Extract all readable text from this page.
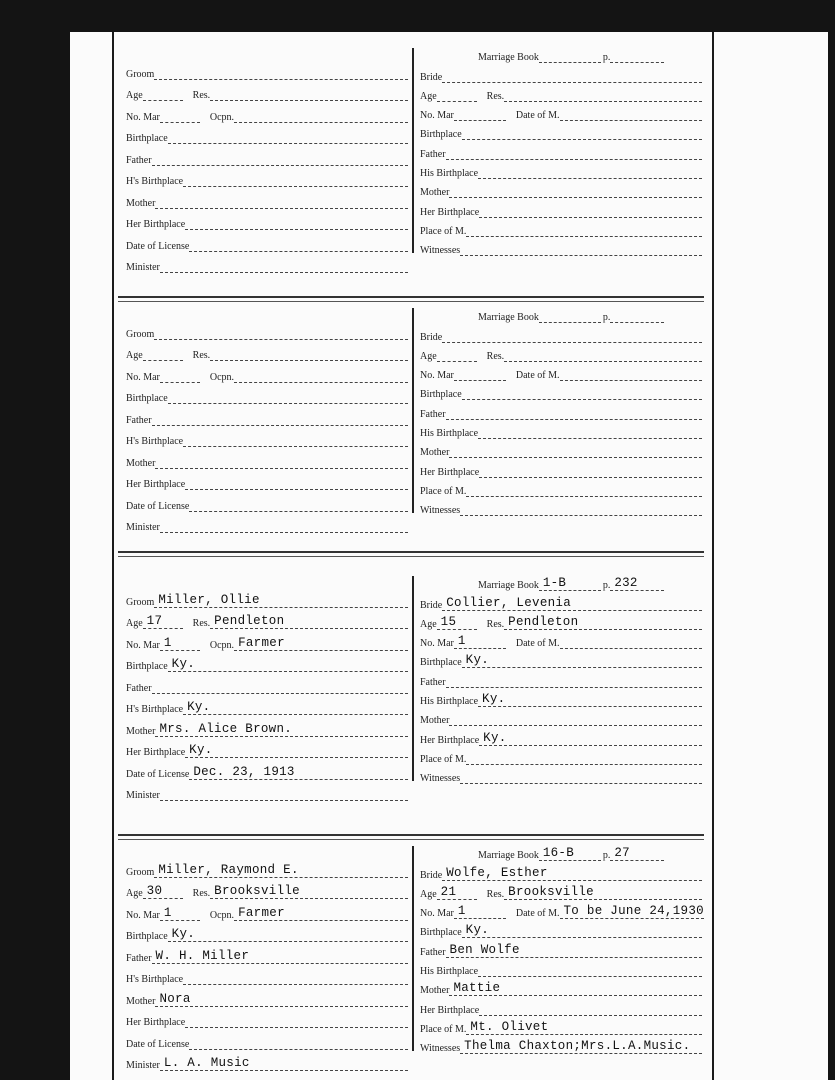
Groom
Age	Res.
No. Mar	Ocpn.
Birthplace
Father
H's Birthplace
Mother
Her Birthplace
Date of License
Minister
Marriage Book	p.
Bride
Age	Res.
No. Mar	Date of M.
Birthplace
Father
His Birthplace
Mother
Her Birthplace
Place of M.
Witnesses
Groom
Age	Res.
No. Mar	Ocpn.
Birthplace
Father
H's Birthplace
Mother
Her Birthplace
Date of License
Minister
Marriage Book	p.
Bride
Age	Res.
No. Mar	Date of M.
Birthplace
Father
His Birthplace
Mother
Her Birthplace
Place of M.
Witnesses
Groom Miller, Ollie
Age 17	Res. Pendleton
No. Mar 1	Ocpn. Farmer
Birthplace Ky.
Father
H's Birthplace Ky.
Mother Mrs. Alice Brown.
Her Birthplace Ky.
Date of License Dec. 23, 1913
Minister
Marriage Book 1-B	p. 232
Bride Collier, Levenia
Age 15	Res. Pendleton
No. Mar 1	Date of M.
Birthplace Ky.
Father
His Birthplace Ky.
Mother
Her Birthplace Ky.
Place of M.
Witnesses
Groom Miller, Raymond E.
Age 30	Res. Brooksville
No. Mar 1	Ocpn. Farmer
Birthplace Ky.
Father W. H. Miller
H's Birthplace
Mother Nora
Her Birthplace
Date of License
Minister L. A. Music
Marriage Book 16-B	p. 27
Bride Wolfe, Esther
Age 21	Res. Brooksville
No. Mar 1	Date of M. To be June 24,1930
Birthplace Ky.
Father Ben Wolfe
His Birthplace
Mother Mattie
Her Birthplace
Place of M. Mt. Olivet
Witnesses Thelma Chaxton;Mrs.L.A.Music.
